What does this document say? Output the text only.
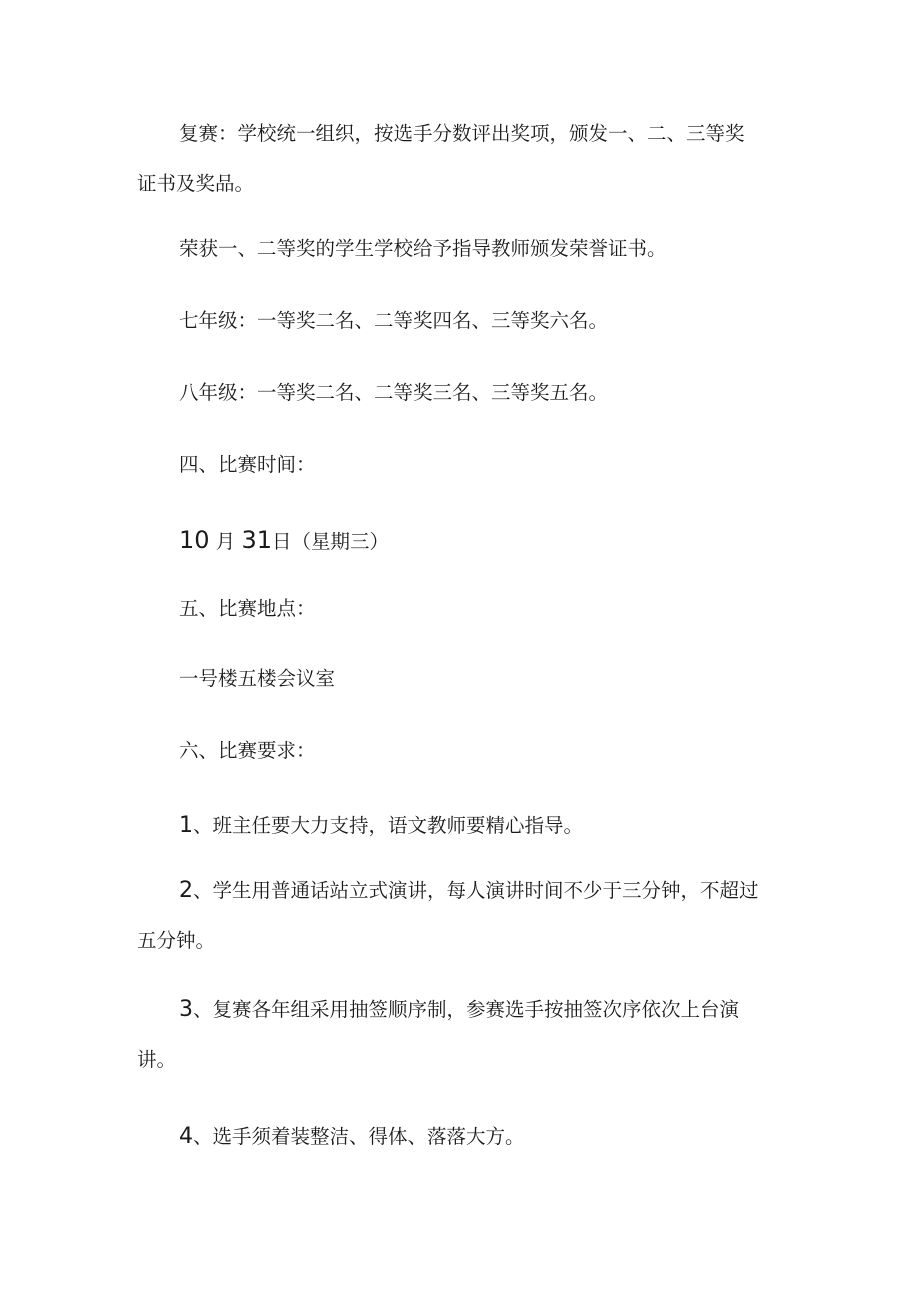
复赛：学校统一组织，按选手分数评出奖项，颁发一、二、三等奖
证书及奖品。
荣获一、二等奖的学生学校给予指导教师颁发荣誉证书。
七年级：一等奖二名、二等奖四名、三等奖六名。
八年级：一等奖二名、二等奖三名、三等奖五名。
四、比赛时间：
10 月 31日（星期三）
五、比赛地点：
一号楼五楼会议室
六、比赛要求：
1、班主任要大力支持，语文教师要精心指导。
2、学生用普通话站立式演讲，每人演讲时间不少于三分钟，不超过
五分钟。
3、复赛各年组采用抽签顺序制，参赛选手按抽签次序依次上台演
讲。
4、选手须着装整洁、得体、落落大方。
